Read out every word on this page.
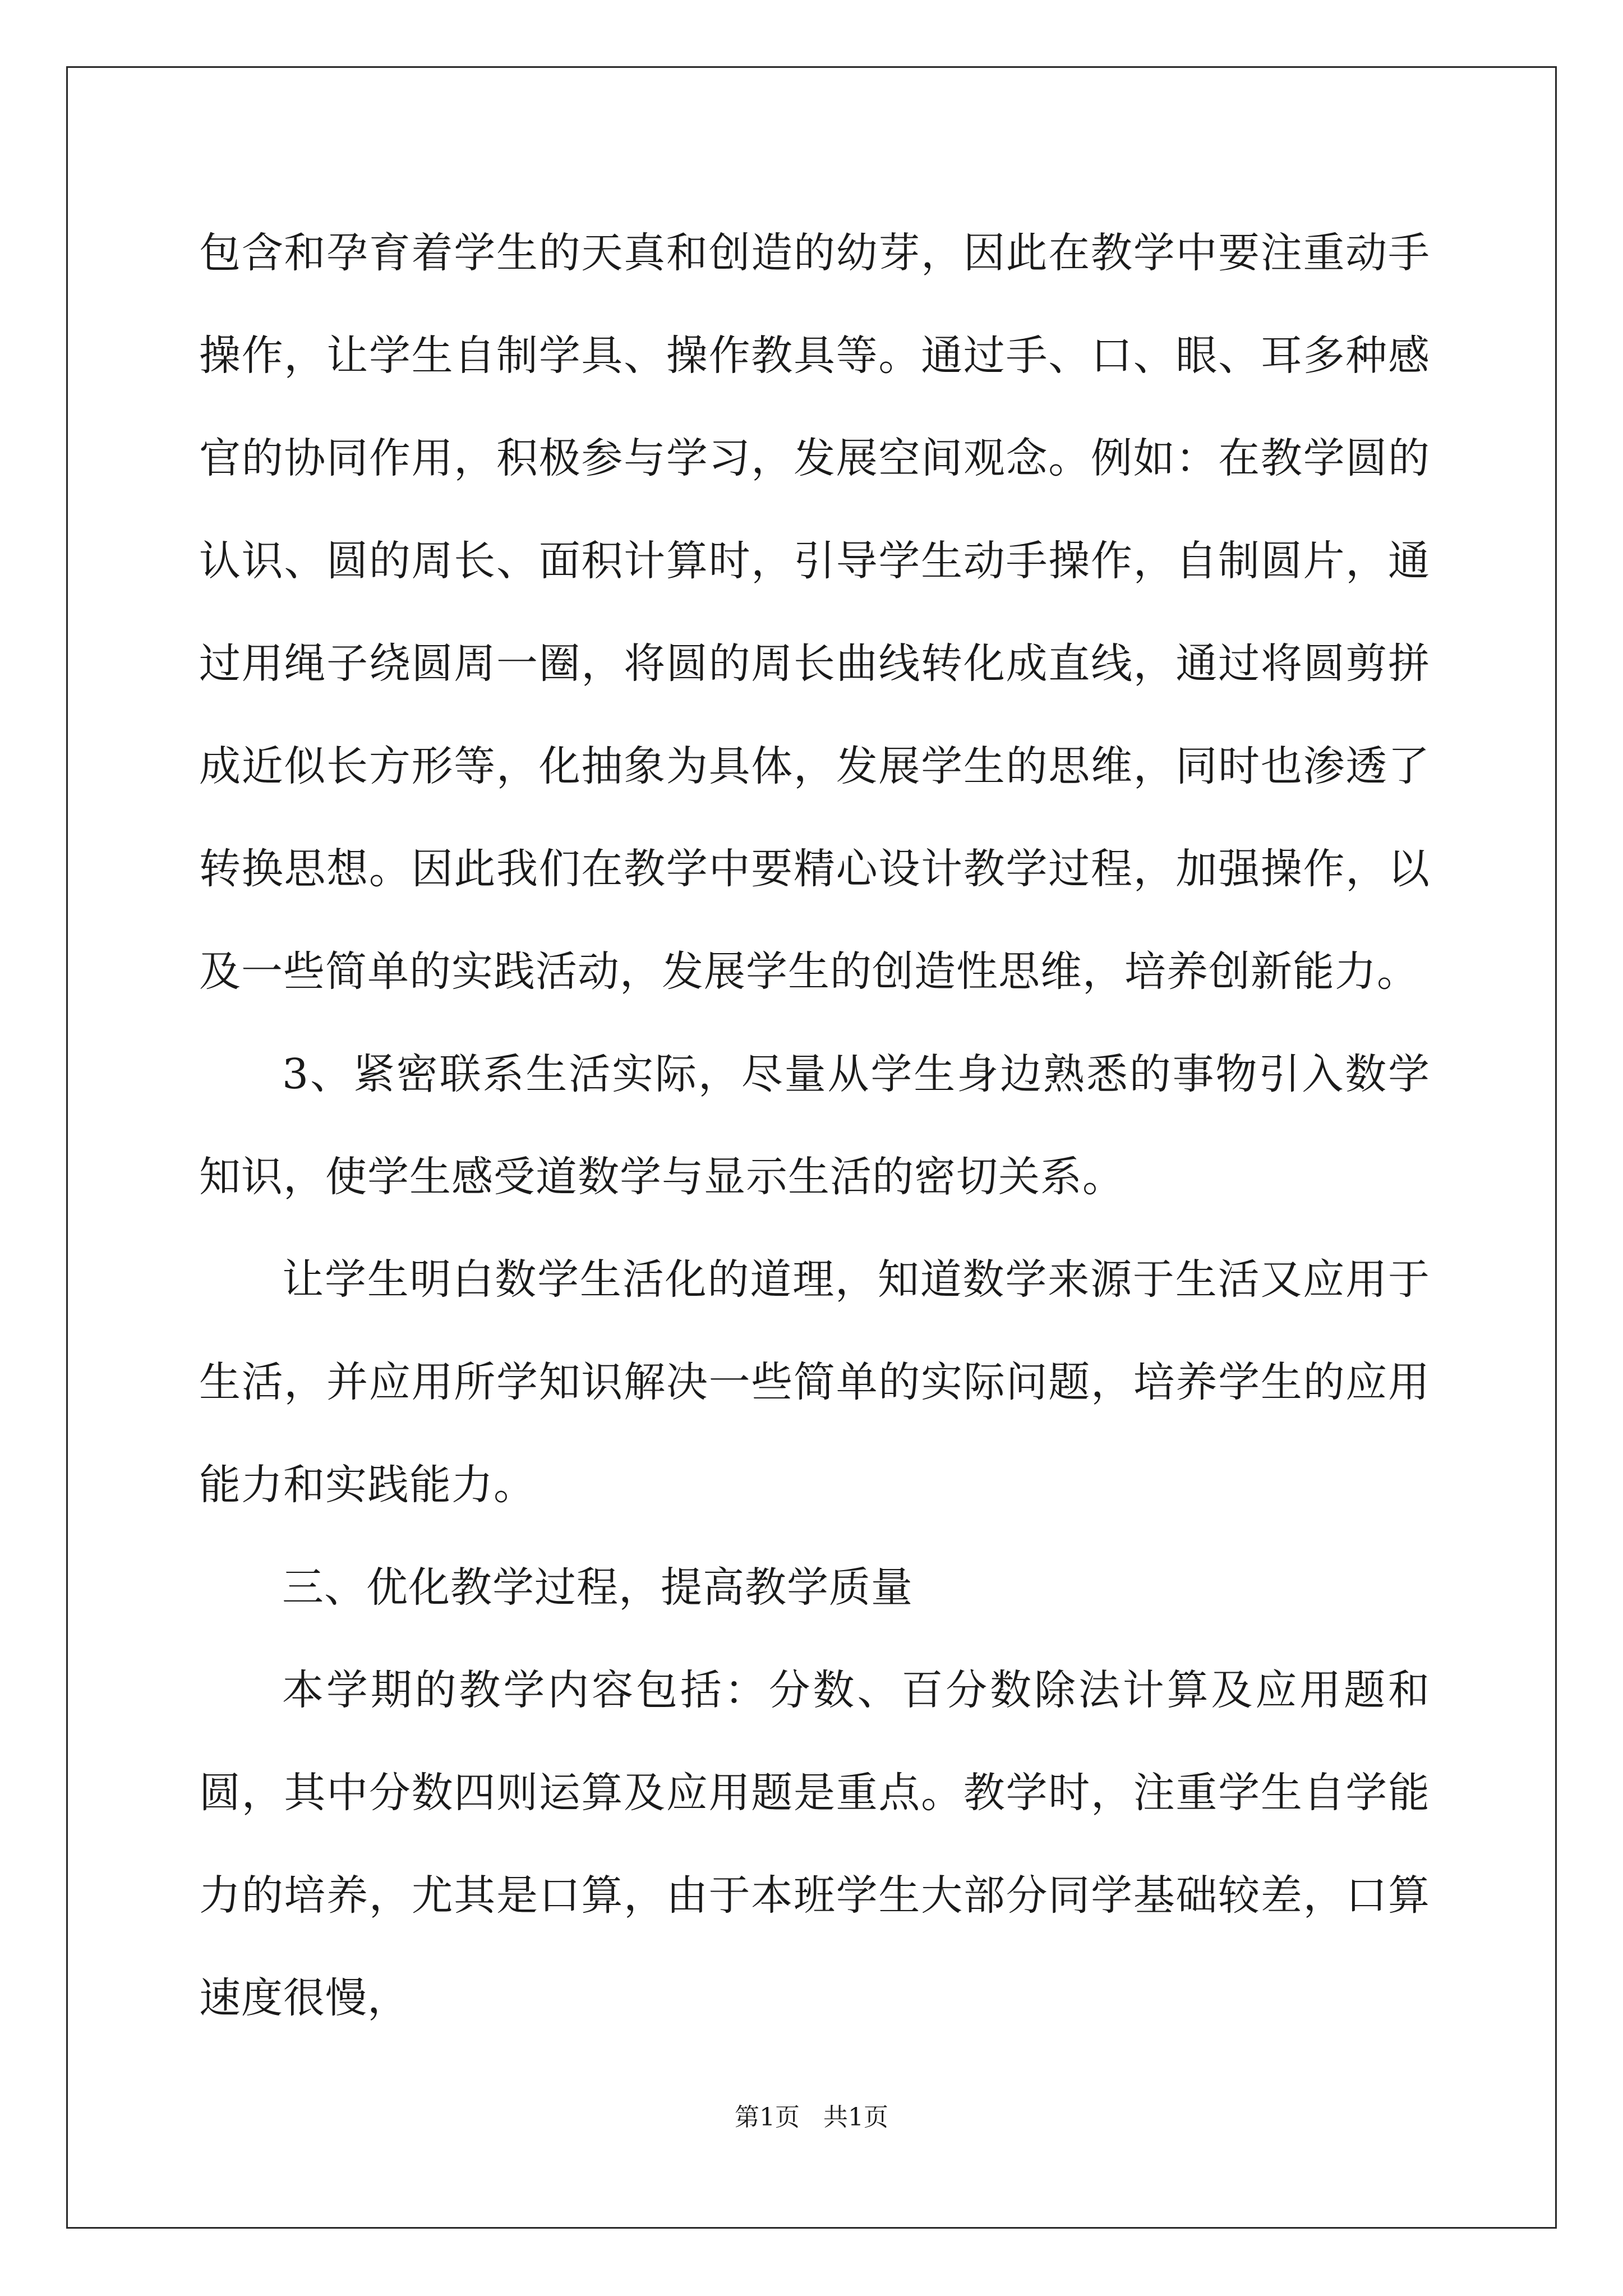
包含和孕育着学生的天真和创造的幼芽，因此在教学中要注重动手操作，让学生自制学具、操作教具等。通过手、口、眼、耳多种感官的协同作用，积极参与学习，发展空间观念。例如：在教学圆的认识、圆的周长、面积计算时，引导学生动手操作，自制圆片，通过用绳子绕圆周一圈，将圆的周长曲线转化成直线，通过将圆剪拼成近似长方形等，化抽象为具体，发展学生的思维，同时也渗透了转换思想。因此我们在教学中要精心设计教学过程，加强操作，以及一些简单的实践活动，发展学生的创造性思维，培养创新能力。

3、紧密联系生活实际，尽量从学生身边熟悉的事物引入数学知识，使学生感受道数学与显示生活的密切关系。

让学生明白数学生活化的道理，知道数学来源于生活又应用于生活，并应用所学知识解决一些简单的实际问题，培养学生的应用能力和实践能力。

三、优化教学过程，提高教学质量

本学期的教学内容包括：分数、百分数除法计算及应用题和圆，其中分数四则运算及应用题是重点。教学时，注重学生自学能力的培养，尤其是口算，由于本班学生大部分同学基础较差，口算速度很慢，

第1页   共1页
